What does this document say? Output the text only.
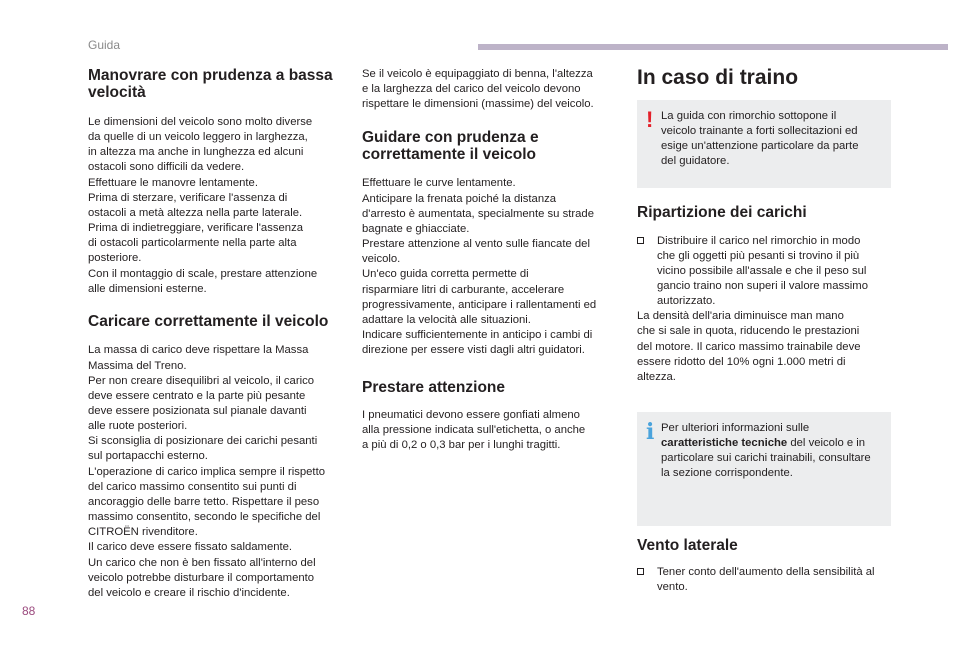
Guida
Manovrare con prudenza a bassa velocità

Le dimensioni del veicolo sono molto diverse
da quelle di un veicolo leggero in larghezza,
in altezza ma anche in lunghezza ed alcuni
ostacoli sono difficili da vedere.
Effettuare le manovre lentamente.
Prima di sterzare, verificare l'assenza di
ostacoli a metà altezza nella parte laterale.
Prima di indietreggiare, verificare l'assenza
di ostacoli particolarmente nella parte alta
posteriore.
Con il montaggio di scale, prestare attenzione
alle dimensioni esterne.

Caricare correttamente il veicolo

La massa di carico deve rispettare la Massa
Massima del Treno.
Per non creare disequilibri al veicolo, il carico
deve essere centrato e la parte più pesante
deve essere posizionata sul pianale davanti
alle ruote posteriori.
Si sconsiglia di posizionare dei carichi pesanti
sul portapacchi esterno.
L'operazione di carico implica sempre il rispetto
del carico massimo consentito sui punti di
ancoraggio delle barre tetto. Rispettare il peso
massimo consentito, secondo le specifiche del
CITROËN rivenditore.
Il carico deve essere fissato saldamente.
Un carico che non è ben fissato all'interno del
veicolo potrebbe disturbare il comportamento
del veicolo e creare il rischio d'incidente.

Se il veicolo è equipaggiato di benna, l'altezza
e la larghezza del carico del veicolo devono
rispettare le dimensioni (massime) del veicolo.

Guidare con prudenza e correttamente il veicolo

Effettuare le curve lentamente.
Anticipare la frenata poiché la distanza
d'arresto è aumentata, specialmente su strade
bagnate e ghiacciate.
Prestare attenzione al vento sulle fiancate del
veicolo.
Un'eco guida corretta permette di
risparmiare litri di carburante, accelerare
progressivamente, anticipare i rallentamenti ed
adattare la velocità alle situazioni.
Indicare sufficientemente in anticipo i cambi di
direzione per essere visti dagli altri guidatori.

Prestare attenzione

I pneumatici devono essere gonfiati almeno
alla pressione indicata sull'etichetta, o anche
a più di 0,2 o 0,3 bar per i lunghi tragitti.

In caso di traino
! La guida con rimorchio sottopone il
veicolo trainante a forti sollecitazioni ed
esige un'attenzione particolare da parte
del guidatore.

Ripartizione dei carichi

Distribuire il carico nel rimorchio in modo
che gli oggetti più pesanti si trovino il più
vicino possibile all'assale e che il peso sul
gancio traino non superi il valore massimo
autorizzato.

La densità dell'aria diminuisce man mano
che si sale in quota, riducendo le prestazioni
del motore. Il carico massimo trainabile deve
essere ridotto del 10% ogni 1.000 metri di
altezza.

i Per ulteriori informazioni sulle
caratteristiche tecniche del veicolo e in
particolare sui carichi trainabili, consultare
la sezione corrispondente.

Vento laterale

Tener conto dell'aumento della sensibilità al
vento.

88
